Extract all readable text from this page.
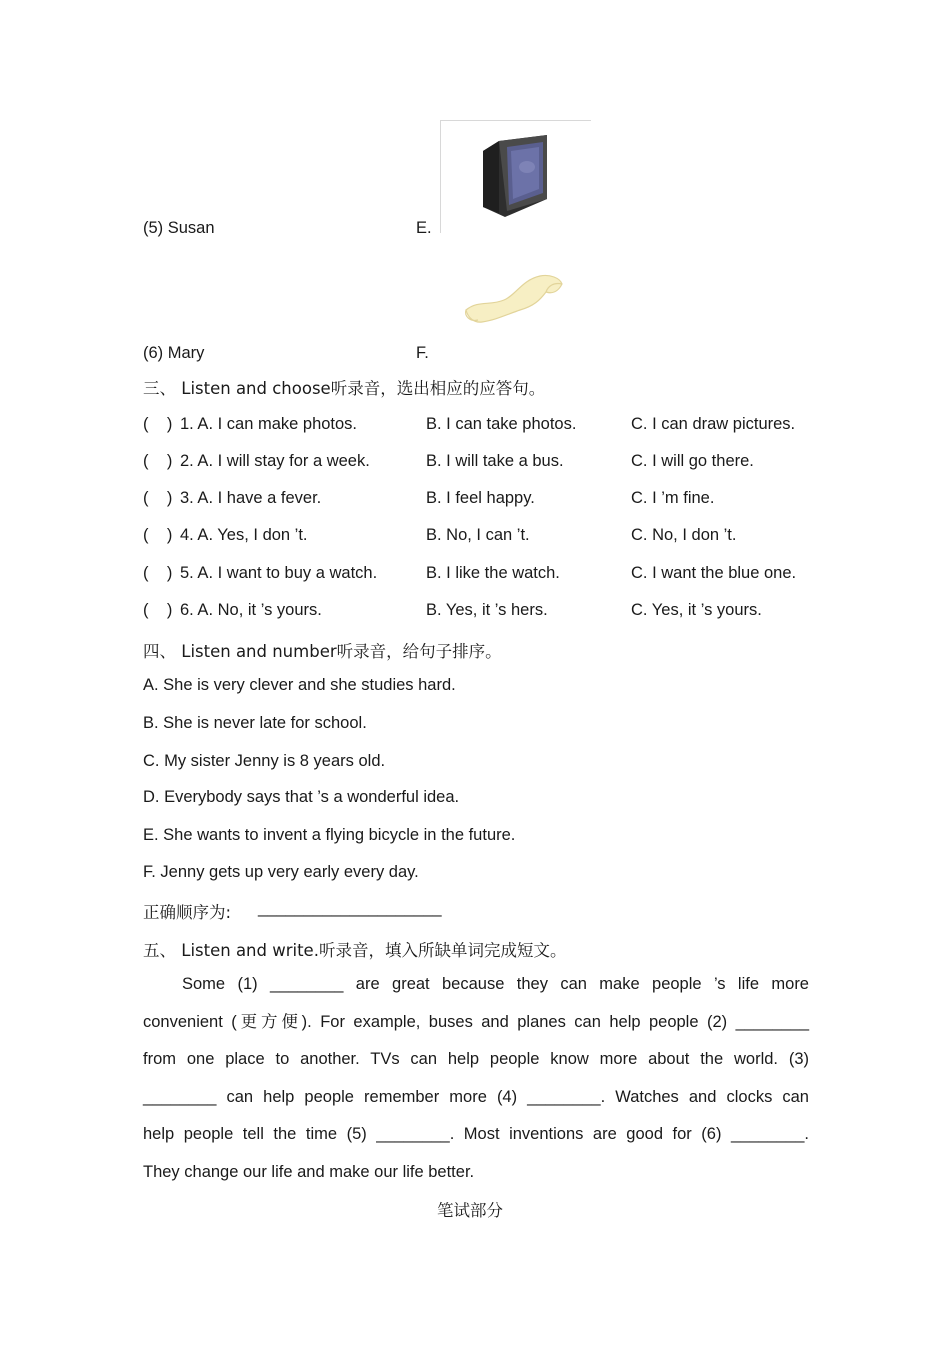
(5) Susan	E.
(6) Mary	F.
三、 Listen and choose听录音，选出相应的应答句。
(    ) 1. A. I can make photos.	B. I can take photos.	C. I can draw pictures.
(    ) 2. A. I will stay for a week.	B. I will take a bus.	C. I will go there.
(    ) 3. A. I have a fever.	B. I feel happy.	C. I ’m fine.
(    ) 4. A. Yes, I don ’t.	B. No, I can ’t.	C. No, I don ’t.
(    ) 5. A. I want to buy a watch.	B. I like the watch.	C. I want the blue one.
(    ) 6. A. No, it ’s yours.	B. Yes, it ’s hers.	C. Yes, it ’s yours.
四、 Listen and number听录音，给句子排序。
A. She is very clever and she studies hard.
B. She is never late for school.
C. My sister Jenny is 8 years old.
D. Everybody says that ’s a wonderful idea.
E. She wants to invent a flying bicycle in the future.
F. Jenny gets up very early every day.
正确顺序为: ____________________
五、 Listen and write.听录音，填入所缺单词完成短文。
Some (1) ________ are great because they can make people ’s life more
convenient (更方便). For example, buses and planes can help people (2) ________
from one place to another. TVs can help people know more about the world. (3)
________ can help people remember more (4) ________. Watches and clocks can
help people tell the time (5) ________. Most inventions are good for (6) ________.
They change our life and make our life better.
笔试部分
